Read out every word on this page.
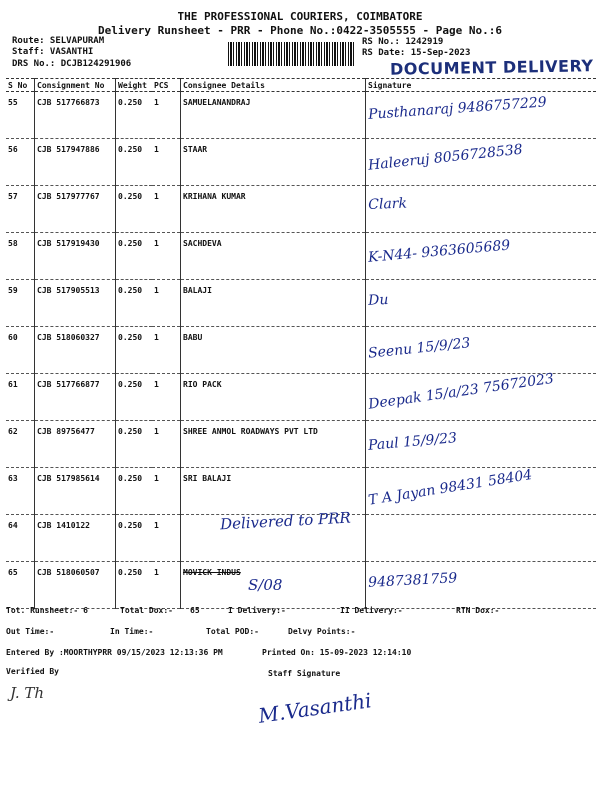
THE PROFESSIONAL COURIERS, COIMBATORE
Delivery Runsheet - PRR - Phone No.:0422-3505555 - Page No.:6
Route: SELVAPURAM
Staff: VASANTHI
DRS No.: DCJB124291906
RS No.: 1242919
RS Date: 15-Sep-2023
DOCUMENT DELIVERY
S No	Consignment No	Weight	PCS	Consignee Details	Signature
55	CJB 517766873	0.250	1	SAMUELANANDRAJ	Pusthanaraj 9486757229
56	CJB 517947886	0.250	1	STAAR	Haleeruj 8056728538
57	CJB 517977767	0.250	1	KRIHANA KUMAR	Clark
58	CJB 517919430	0.250	1	SACHDEVA	K-N44- 9363605689
59	CJB 517905513	0.250	1	BALAJI	Du
60	CJB 518060327	0.250	1	BABU	Seenu 15/9/23
61	CJB 517766877	0.250	1	RIO PACK	Deepak 15/a/23 75672023
62	CJB 89756477	0.250	1	SHREE ANMOL ROADWAYS PVT LTD	Paul 15/9/23
63	CJB 517985614	0.250	1	SRI BALAJI	T A Jayan 98431 58404
64	CJB 1410122	0.250	1		
65	CJB 518060507	0.250	1	MOVICK INDUS	9487381759
Delivered to PRR
S/08
Tot. Runsheet:- 6	Total Dox:- 65	I Delivery:-	II Delivery:-	RTN Dox:-
Out Time:-	In Time:-	Total POD:-	Delvy Points:-
Entered By :MOORTHYPRR 09/15/2023 12:13:36 PM	Printed On: 15-09-2023 12:14:10
Verified By	Staff Signature
J. Th	M.Vasanthi
